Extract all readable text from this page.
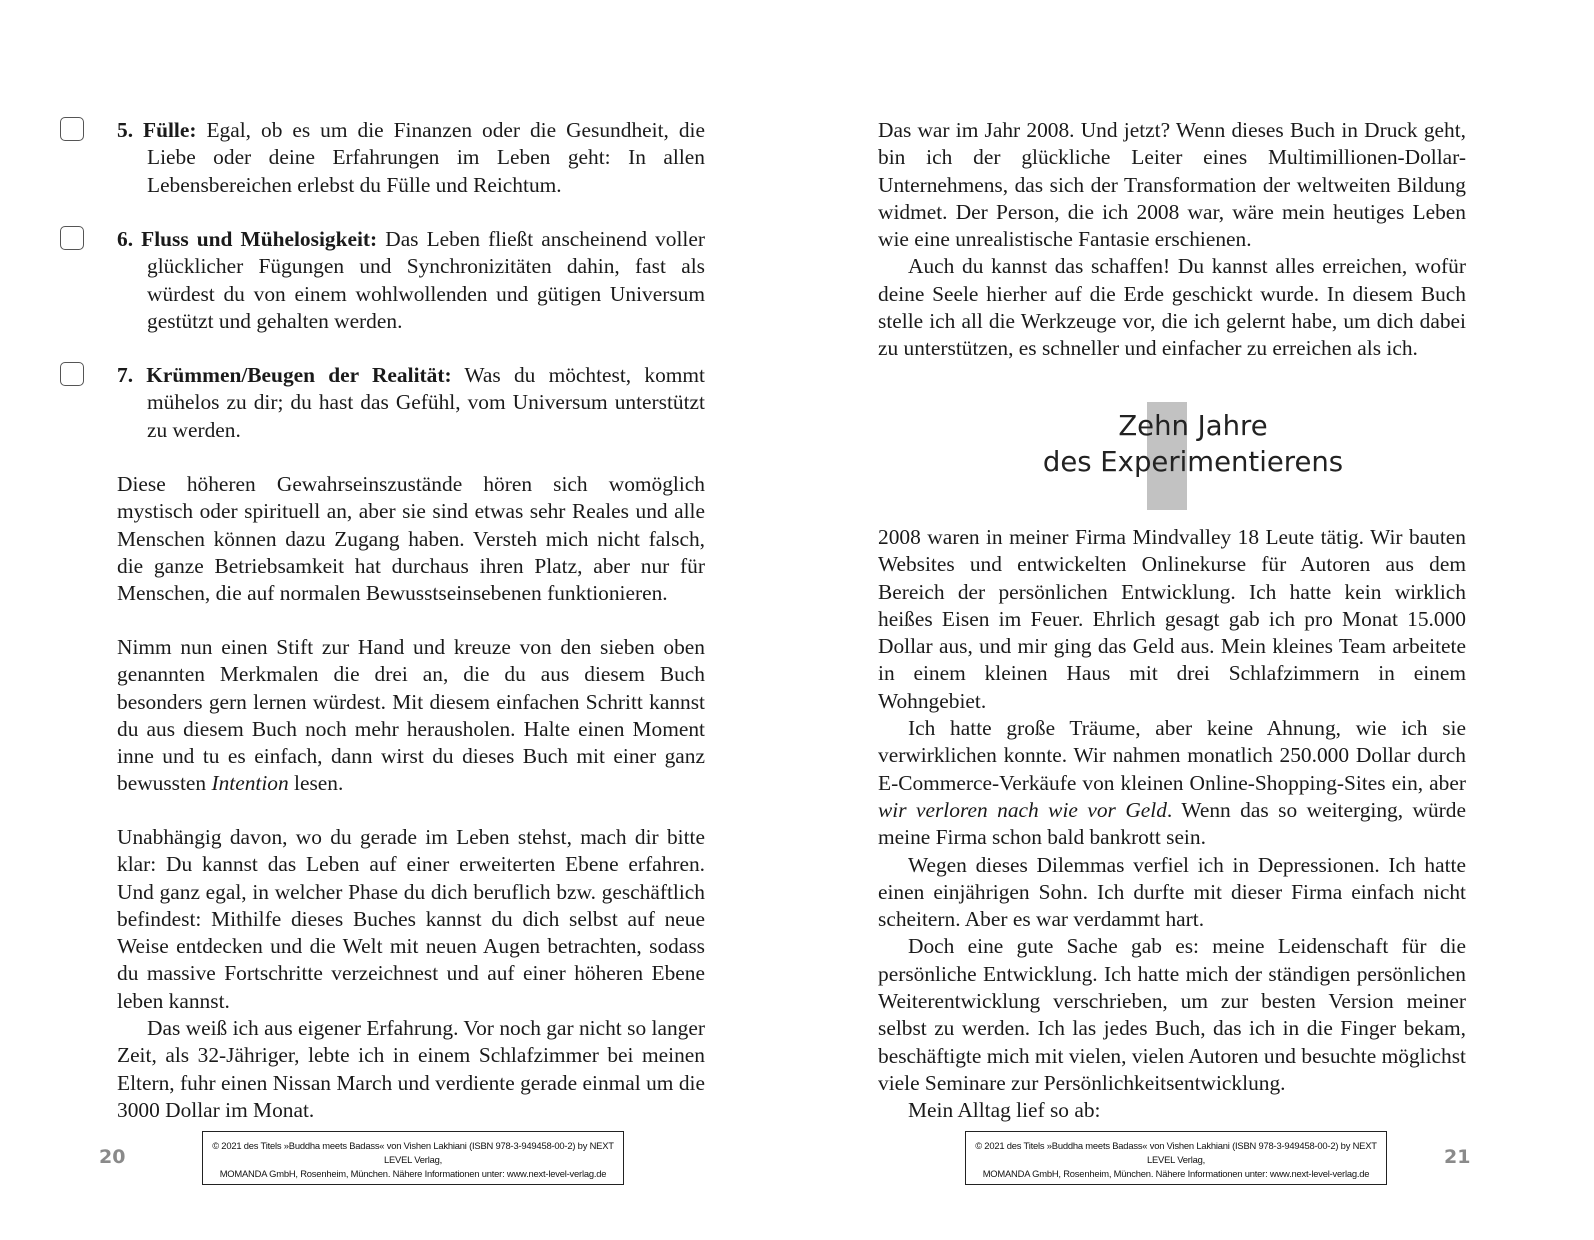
5. Fülle: Egal, ob es um die Finanzen oder die Gesundheit, die Liebe oder deine Erfahrungen im Leben geht: In allen Lebensbereichen erlebst du Fülle und Reichtum.

6. Fluss und Mühelosigkeit: Das Leben fließt anscheinend voller glücklicher Fügungen und Synchronizitäten dahin, fast als würdest du von einem wohlwollenden und gütigen Universum gestützt und gehalten werden.

7. Krümmen/Beugen der Realität: Was du möchtest, kommt mühelos zu dir; du hast das Gefühl, vom Universum unterstützt zu werden.

Diese höheren Gewahrseinszustände hören sich womöglich mystisch oder spirituell an, aber sie sind etwas sehr Reales und alle Menschen können dazu Zugang haben. Versteh mich nicht falsch, die ganze Betriebsamkeit hat durchaus ihren Platz, aber nur für Menschen, die auf normalen Bewusstseinsebenen funktionieren.

Nimm nun einen Stift zur Hand und kreuze von den sieben oben genannten Merkmalen die drei an, die du aus diesem Buch besonders gern lernen würdest. Mit diesem einfachen Schritt kannst du aus diesem Buch noch mehr herausholen. Halte einen Moment inne und tu es einfach, dann wirst du dieses Buch mit einer ganz bewussten Intention lesen.

Unabhängig davon, wo du gerade im Leben stehst, mach dir bitte klar: Du kannst das Leben auf einer erweiterten Ebene erfahren. Und ganz egal, in welcher Phase du dich beruflich bzw. geschäftlich befindest: Mithilfe dieses Buches kannst du dich selbst auf neue Weise entdecken und die Welt mit neuen Augen betrachten, sodass du massive Fortschritte verzeichnest und auf einer höheren Ebene leben kannst.

Das weiß ich aus eigener Erfahrung. Vor noch gar nicht so langer Zeit, als 32-Jähriger, lebte ich in einem Schlafzimmer bei meinen Eltern, fuhr einen Nissan March und verdiente gerade einmal um die 3000 Dollar im Monat.

20
© 2021 des Titels »Buddha meets Badass« von Vishen Lakhiani (ISBN 978-3-949458-00-2) by NEXT LEVEL Verlag,
MOMANDA GmbH, Rosenheim, München. Nähere Informationen unter: www.next-level-verlag.de

Das war im Jahr 2008. Und jetzt? Wenn dieses Buch in Druck geht, bin ich der glückliche Leiter eines Multimillionen-Dollar-Unternehmens, das sich der Transformation der weltweiten Bildung widmet. Der Person, die ich 2008 war, wäre mein heutiges Leben wie eine unrealistische Fantasie erschienen.

Auch du kannst das schaffen! Du kannst alles erreichen, wofür deine Seele hierher auf die Erde geschickt wurde. In diesem Buch stelle ich all die Werkzeuge vor, die ich gelernt habe, um dich dabei zu unterstützen, es schneller und einfacher zu erreichen als ich.

Zehn Jahre
des Experimentierens

2008 waren in meiner Firma Mindvalley 18 Leute tätig. Wir bauten Websites und entwickelten Onlinekurse für Autoren aus dem Bereich der persönlichen Entwicklung. Ich hatte kein wirklich heißes Eisen im Feuer. Ehrlich gesagt gab ich pro Monat 15.000 Dollar aus, und mir ging das Geld aus. Mein kleines Team arbeitete in einem kleinen Haus mit drei Schlafzimmern in einem Wohngebiet.

Ich hatte große Träume, aber keine Ahnung, wie ich sie verwirklichen konnte. Wir nahmen monatlich 250.000 Dollar durch E-Commerce-Verkäufe von kleinen Online-Shopping-Sites ein, aber wir verloren nach wie vor Geld. Wenn das so weiterging, würde meine Firma schon bald bankrott sein.

Wegen dieses Dilemmas verfiel ich in Depressionen. Ich hatte einen einjährigen Sohn. Ich durfte mit dieser Firma einfach nicht scheitern. Aber es war verdammt hart.

Doch eine gute Sache gab es: meine Leidenschaft für die persönliche Entwicklung. Ich hatte mich der ständigen persönlichen Weiterentwicklung verschrieben, um zur besten Version meiner selbst zu werden. Ich las jedes Buch, das ich in die Finger bekam, beschäftigte mich mit vielen, vielen Autoren und besuchte möglichst viele Seminare zur Persönlichkeitsentwicklung.

Mein Alltag lief so ab:

© 2021 des Titels »Buddha meets Badass« von Vishen Lakhiani (ISBN 978-3-949458-00-2) by NEXT LEVEL Verlag,
MOMANDA GmbH, Rosenheim, München. Nähere Informationen unter: www.next-level-verlag.de
21
